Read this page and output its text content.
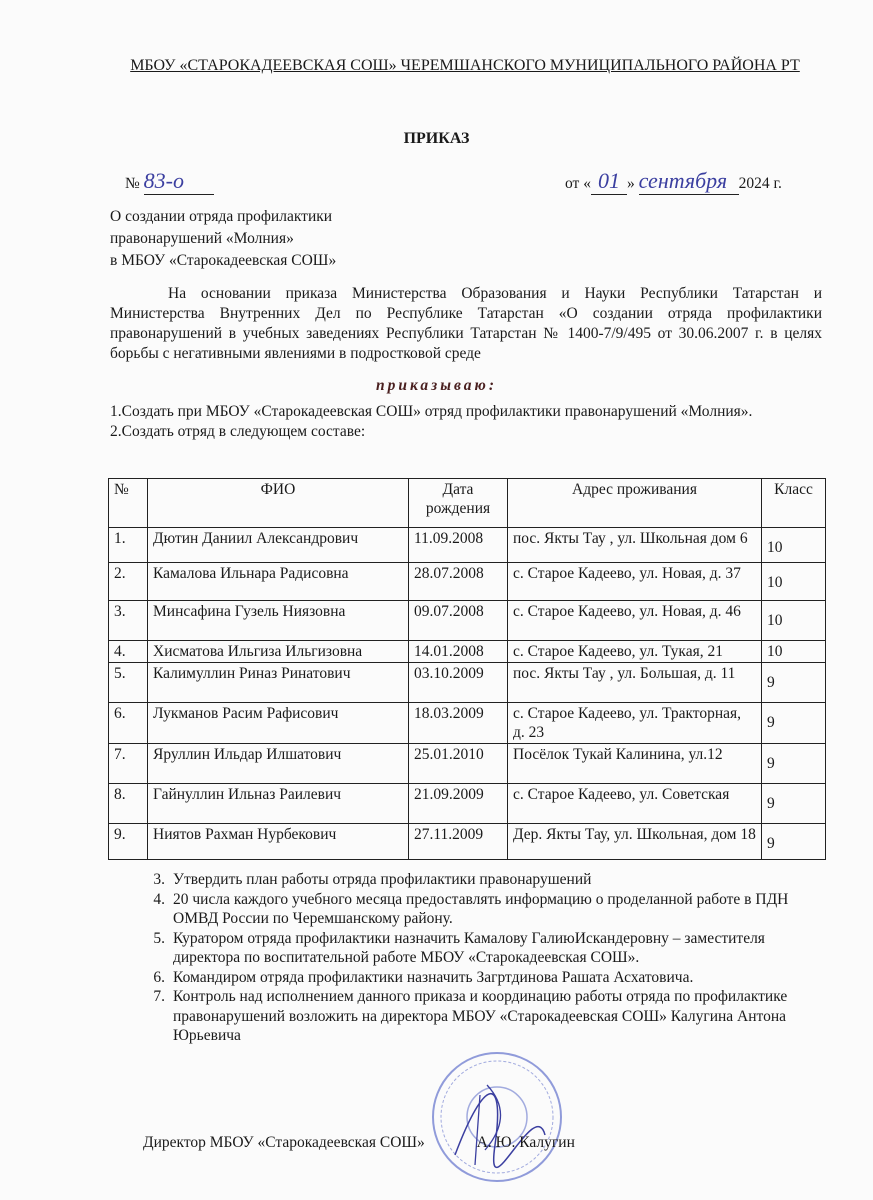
МБОУ «СТАРОКАДЕЕВСКАЯ СОШ» ЧЕРЕМШАНСКОГО МУНИЦИПАЛЬНОГО РАЙОНА РТ
ПРИКАЗ
№ 83-о	от « 01 » сентября 2024 г.
О создании отряда профилактики
правонарушений «Молния»
в МБОУ «Старокадеевская СОШ»
На основании приказа Министерства Образования и Науки Республики Татарстан и Министерства Внутренних Дел по Республике Татарстан «О создании отряда профилактики правонарушений в учебных заведениях Республики Татарстан № 1400-7/9/495 от 30.06.2007 г. в целях борьбы с негативными явлениями в подростковой среде
приказываю:
1.Создать при МБОУ «Старокадеевская СОШ» отряд профилактики правонарушений «Молния».
2.Создать отряд в следующем составе:
№	ФИО	Дата рождения	Адрес проживания	Класс
1.	Дютин Даниил Александрович	11.09.2008	пос. Якты Тау , ул. Школьная дом 6	10
2.	Камалова Ильнара Радисовна	28.07.2008	с. Старое Кадеево, ул. Новая, д. 37	10
3.	Минсафина Гузель Ниязовна	09.07.2008	с. Старое Кадеево, ул. Новая, д. 46	10
4.	Хисматова Ильгиза Ильгизовна	14.01.2008	с. Старое Кадеево, ул. Тукая, 21	10
5.	Калимуллин Риназ Ринатович	03.10.2009	пос. Якты Тау , ул. Большая, д. 11	9
6.	Лукманов Расим Рафисович	18.03.2009	с. Старое Кадеево, ул. Тракторная, д. 23	9
7.	Яруллин Ильдар Илшатович	25.01.2010	Посёлок Тукай Калинина, ул.12	9
8.	Гайнуллин Ильназ Раилевич	21.09.2009	с. Старое Кадеево, ул. Советская	9
9.	Ниятов Рахман Нурбекович	27.11.2009	Дер. Якты Тау, ул. Школьная, дом 18	9
3. Утвердить план работы отряда профилактики правонарушений
4. 20 числа каждого учебного месяца предоставлять информацию о проделанной работе в ПДН ОМВД России по Черемшанскому району.
5. Куратором отряда профилактики назначить Камалову ГалиюИскандеровну – заместителя директора по воспитательной работе МБОУ «Старокадеевская СОШ».
6. Командиром отряда профилактики назначить Загртдинова Рашата Асхатовича.
7. Контроль над исполнением данного приказа и координацию работы отряда по профилактике правонарушений возложить на директора МБОУ «Старокадеевская СОШ» Калугина Антона Юрьевича
Директор МБОУ «Старокадеевская СОШ»	А. Ю. Калугин
